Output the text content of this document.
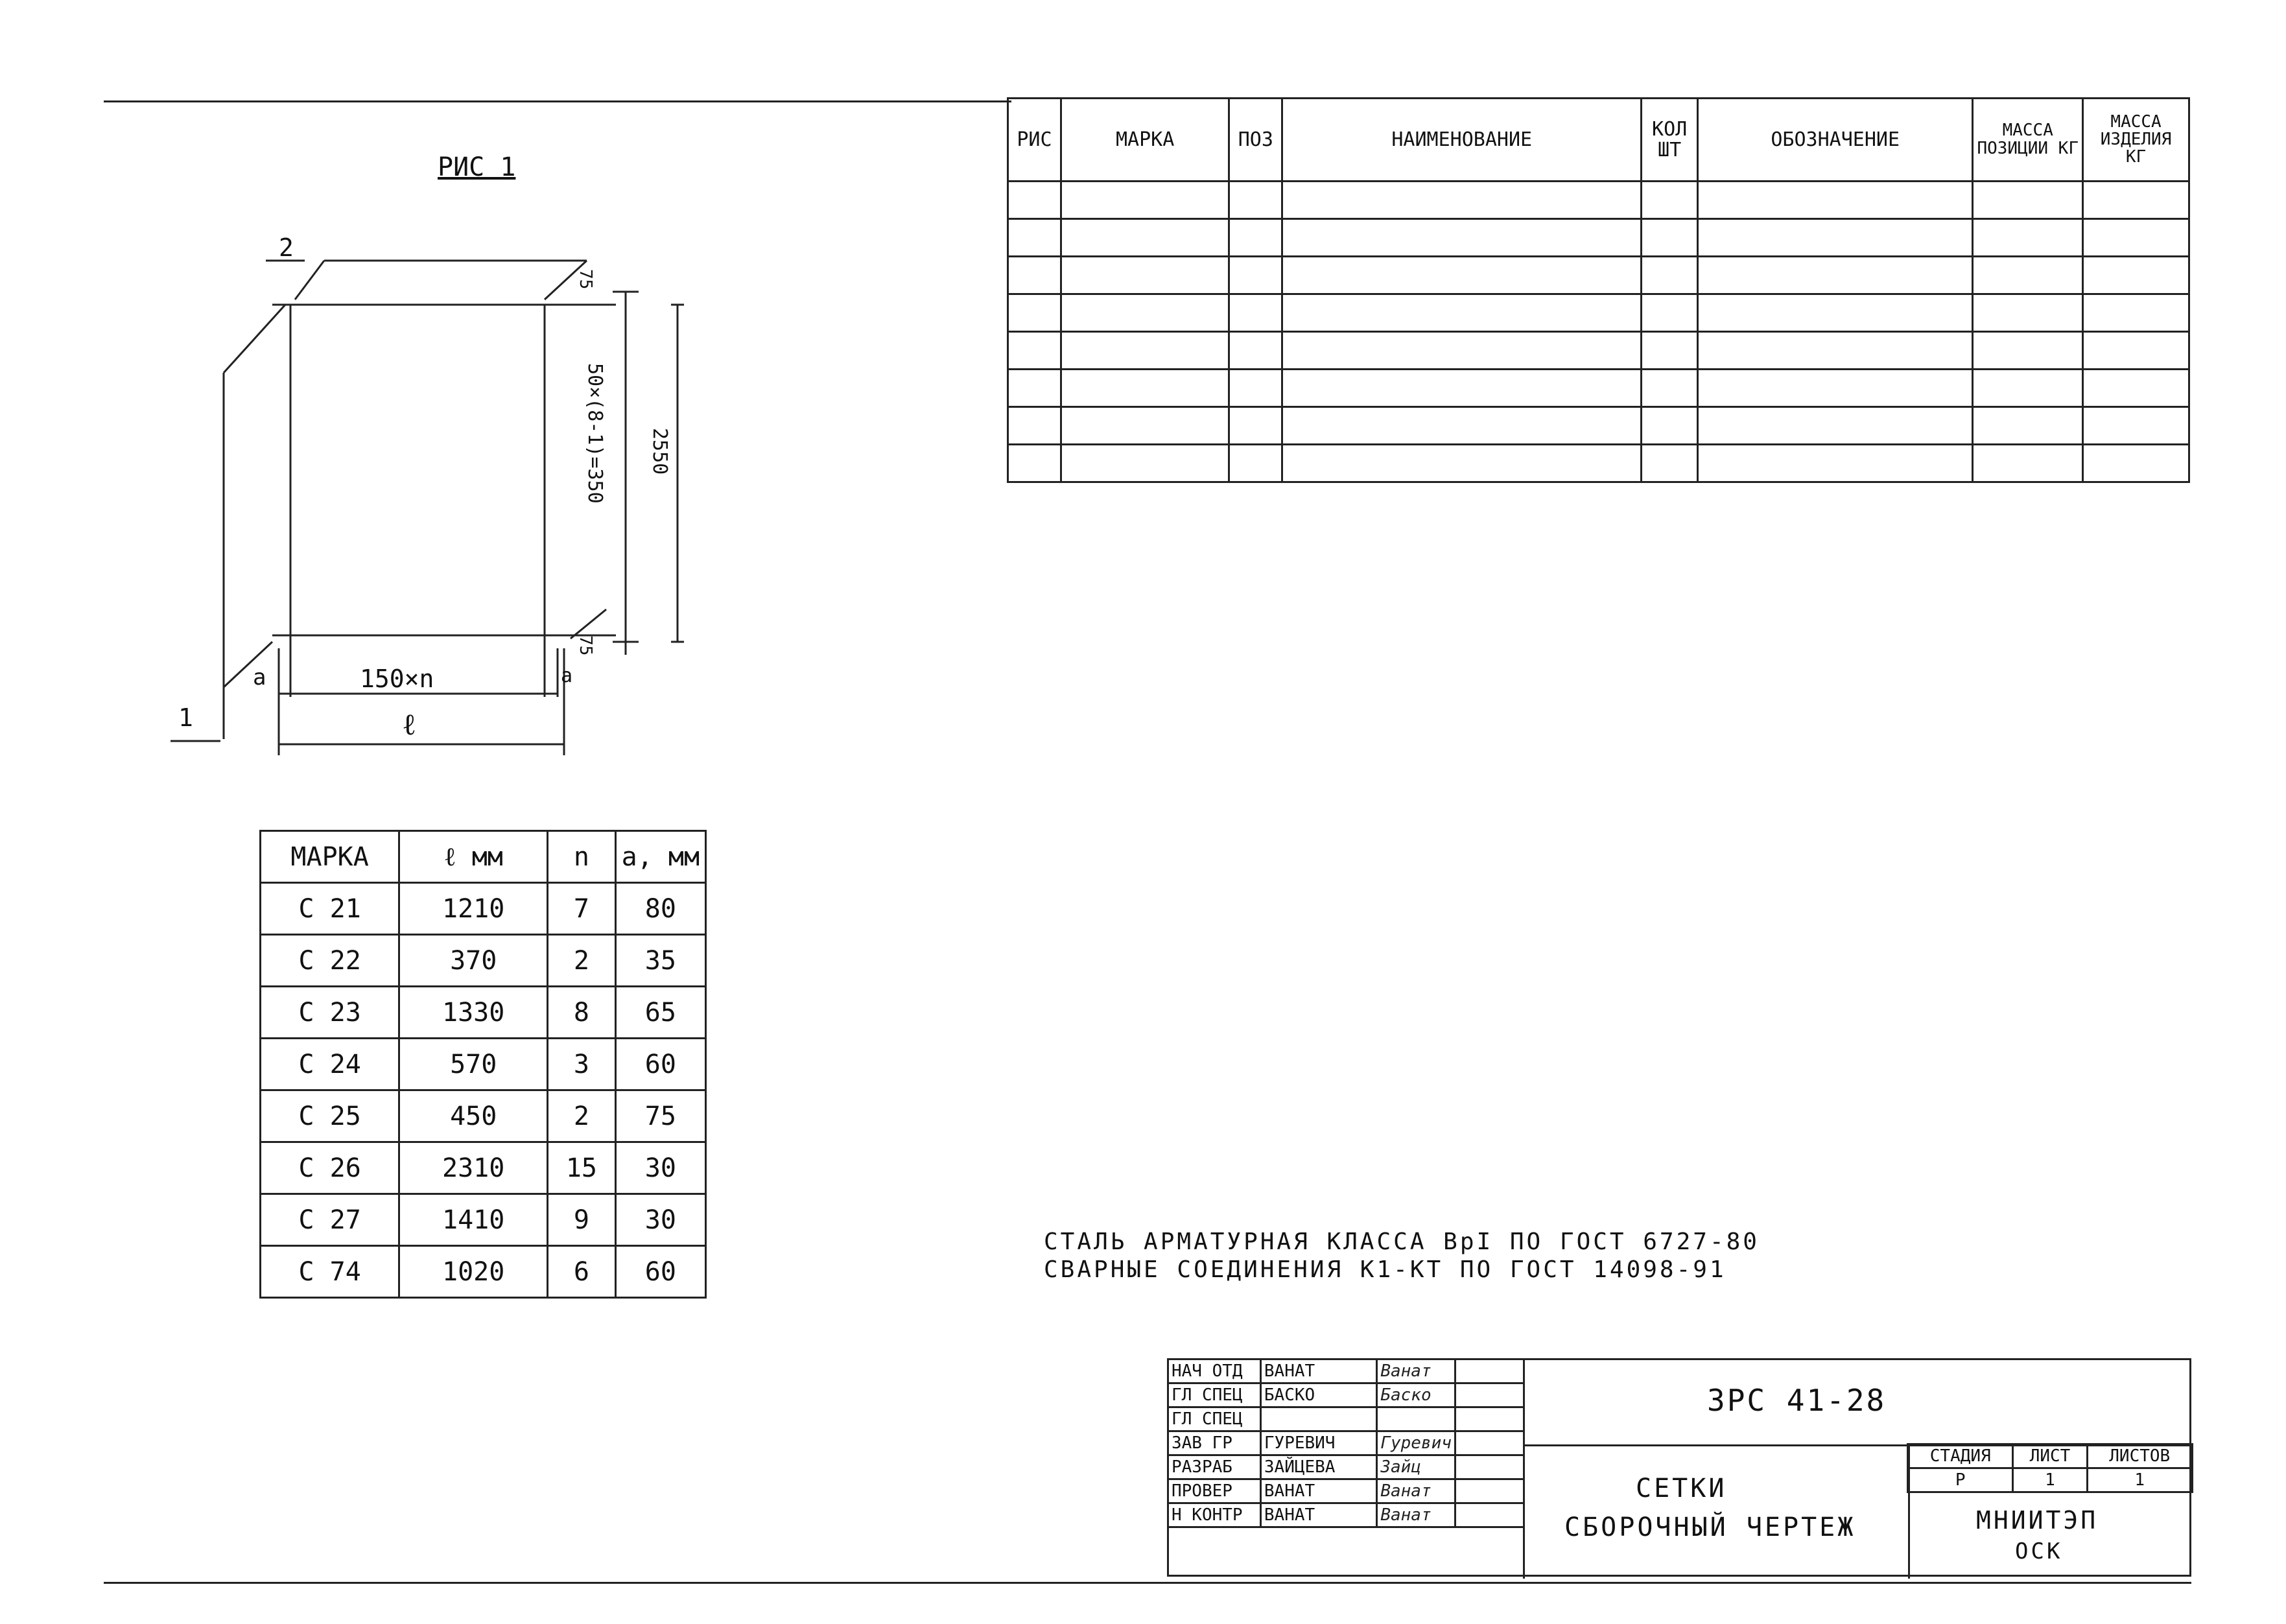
РИС 1
2
1
75
50×(8-1)=350 2550
75
a	150×n	a
ℓ
МАРКА	ℓ мм	n	a, мм
С 21	1210	7	80
С 22	370	2	35
С 23	1330	8	65
С 24	570	3	60
С 25	450	2	75
С 26	2310	15	30
С 27	1410	9	30
С 74	1020	6	60
РИС	МАРКА	ПОЗ	НАИМЕНОВАНИЕ	КОЛ ШТ	ОБОЗНАЧЕНИЕ	МАССА ПОЗИЦИИ КГ	МАССА ИЗДЕЛИЯ КГ

СТАЛЬ АРМАТУРНАЯ КЛАССА ВрI ПО ГОСТ 6727-80
СВАРНЫЕ СОЕДИНЕНИЯ К1-КТ ПО ГОСТ 14098-91
НАЧ ОТД	ВАНАТ	Ванат	
ГЛ СПЕЦ	БАСКО	Баско	
ГЛ СПЕЦ			
ЗАВ ГР	ГУРЕВИЧ	Гуревич	
РАЗРАБ	ЗАЙЦЕВА	Зайц	
ПРОВЕР	ВАНАТ	Ванат	
Н КОНТР	ВАНАТ	Ванат	
3РС 41-28
СЕТКИ
СБОРОЧНЫЙ ЧЕРТЕЖ
СТАДИЯ	ЛИСТ	ЛИСТОВ
Р	1	1
МНИИТЭП
ОСК
